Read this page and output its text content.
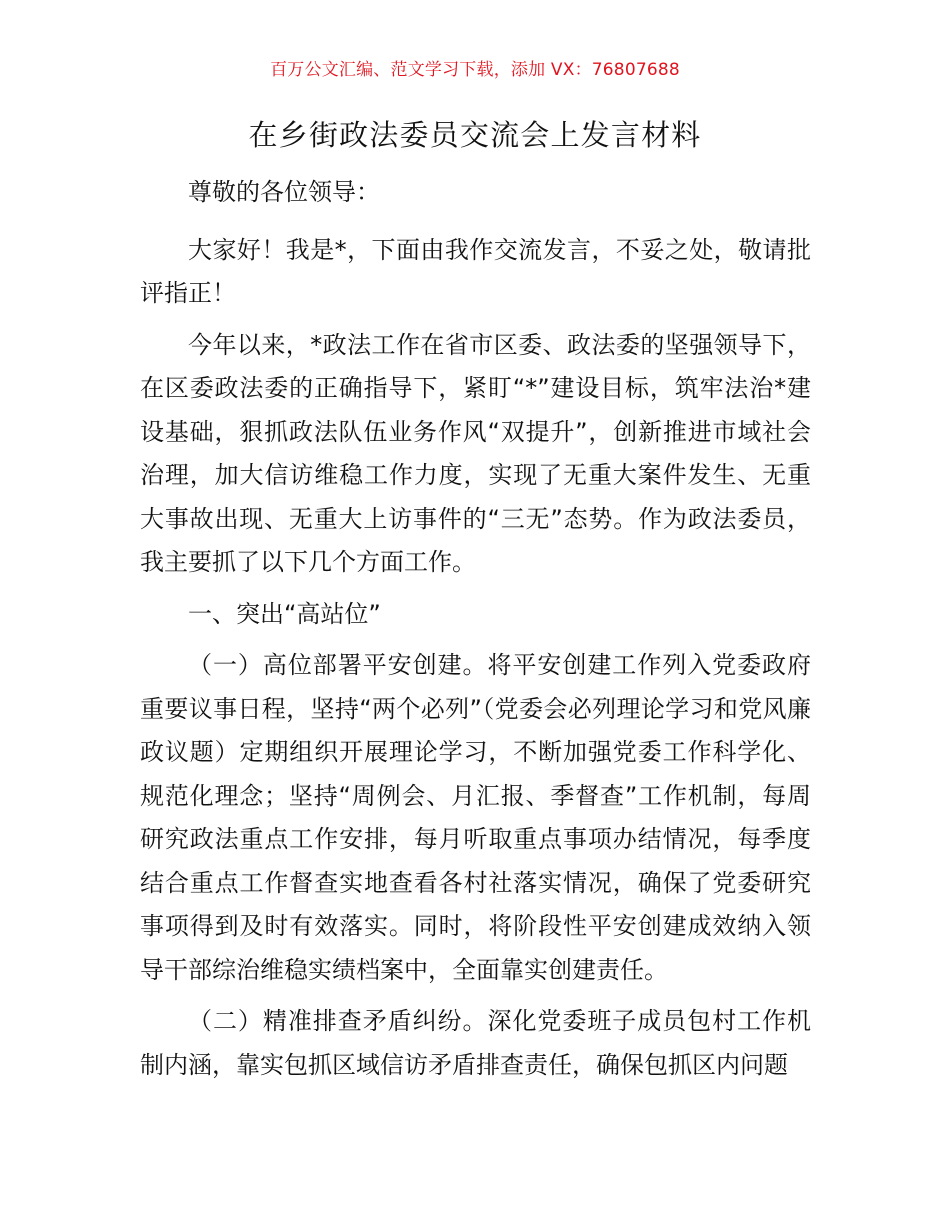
百万公文汇编、范文学习下载，添加 VX：76807688
在乡街政法委员交流会上发言材料

尊敬的各位领导：

大家好！我是*，下面由我作交流发言，不妥之处，敬请批评指正！

今年以来，*政法工作在省市区委、政法委的坚强领导下，在区委政法委的正确指导下，紧盯“*”建设目标，筑牢法治*建设基础，狠抓政法队伍业务作风“双提升”，创新推进市域社会治理，加大信访维稳工作力度，实现了无重大案件发生、无重大事故出现、无重大上访事件的“三无”态势。作为政法委员，我主要抓了以下几个方面工作。

一、突出“高站位”

（一）高位部署平安创建。将平安创建工作列入党委政府重要议事日程，坚持“两个必列”（党委会必列理论学习和党风廉政议题）定期组织开展理论学习，不断加强党委工作科学化、规范化理念；坚持“周例会、月汇报、季督查”工作机制，每周研究政法重点工作安排，每月听取重点事项办结情况，每季度结合重点工作督查实地查看各村社落实情况，确保了党委研究事项得到及时有效落实。同时，将阶段性平安创建成效纳入领导干部综治维稳实绩档案中，全面靠实创建责任。

（二）精准排查矛盾纠纷。深化党委班子成员包村工作机制内涵，靠实包抓区域信访矛盾排查责任，确保包抓区内问题
